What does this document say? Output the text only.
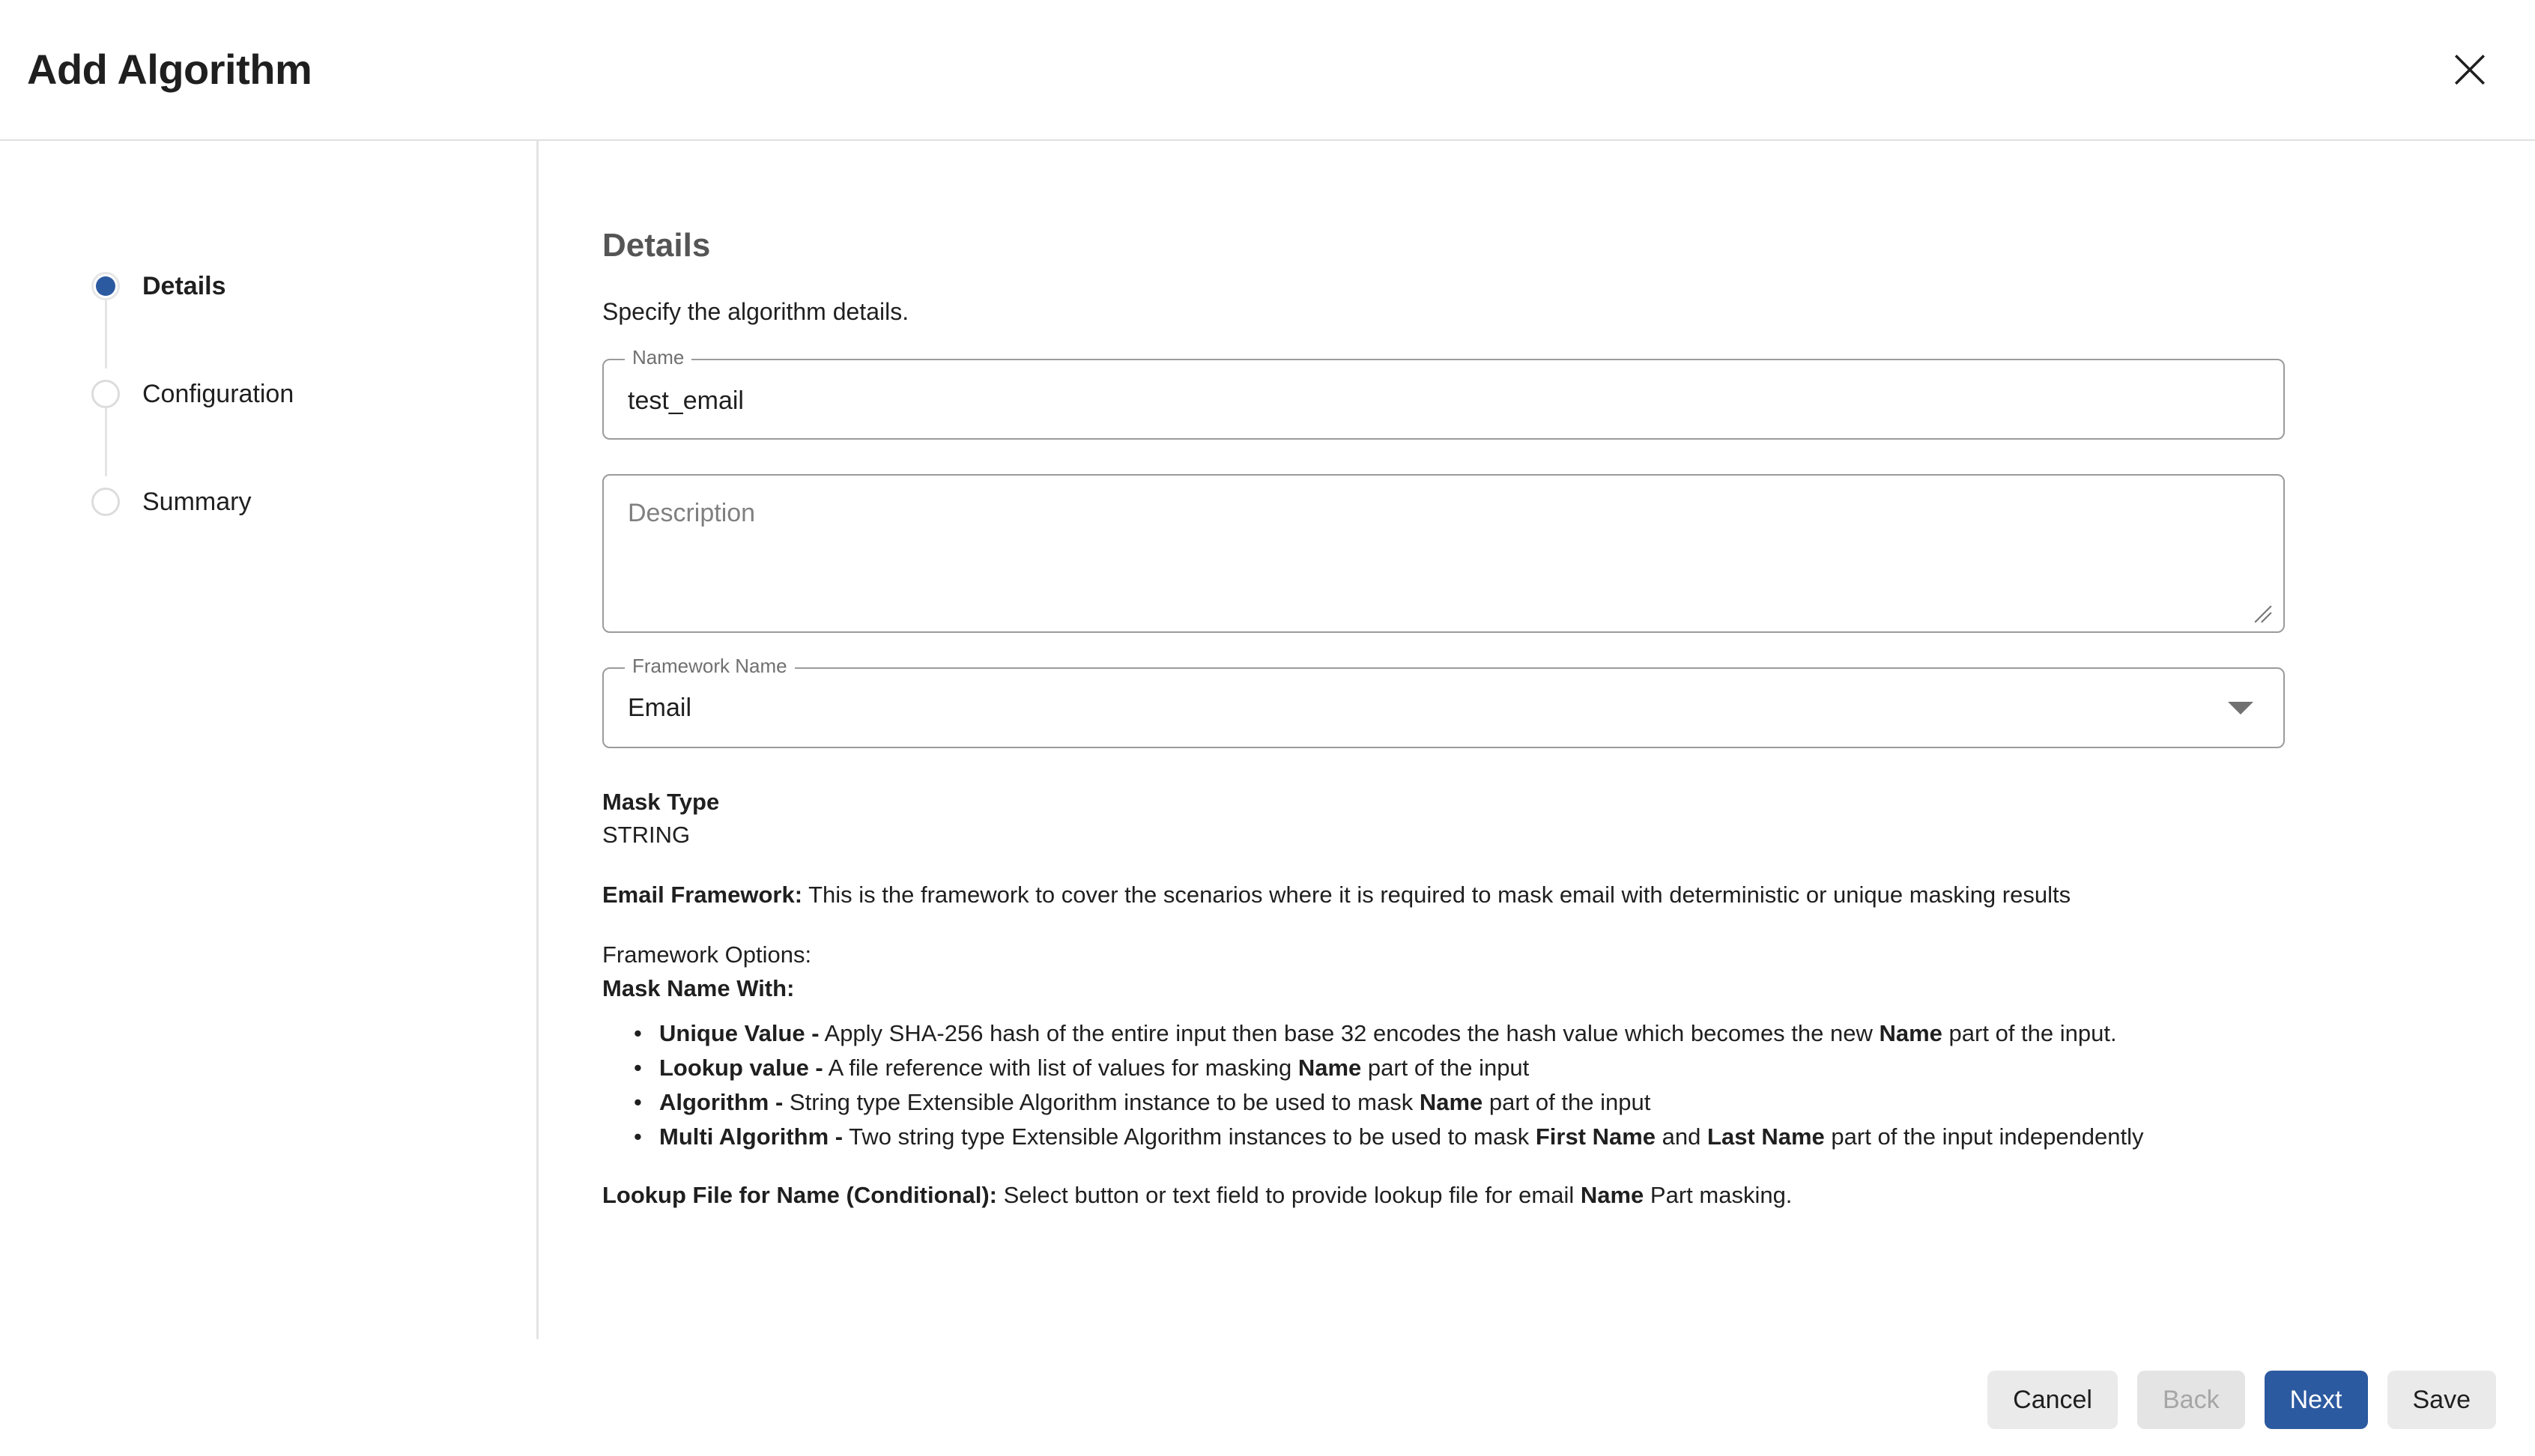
Add Algorithm
Details
Configuration
Summary
Details
Specify the algorithm details.
Name
test_email
Description
Framework Name
Email
Mask Type
STRING

Email Framework: This is the framework to cover the scenarios where it is required to mask email with deterministic or unique masking results

Framework Options:
Mask Name With:
• Unique Value - Apply SHA-256 hash of the entire input then base 32 encodes the hash value which becomes the new Name part of the input.
• Lookup value - A file reference with list of values for masking Name part of the input
• Algorithm - String type Extensible Algorithm instance to be used to mask Name part of the input
• Multi Algorithm - Two string type Extensible Algorithm instances to be used to mask First Name and Last Name part of the input independently

Lookup File for Name (Conditional): Select button or text field to provide lookup file for email Name Part masking.

Cancel	Back	Next	Save
